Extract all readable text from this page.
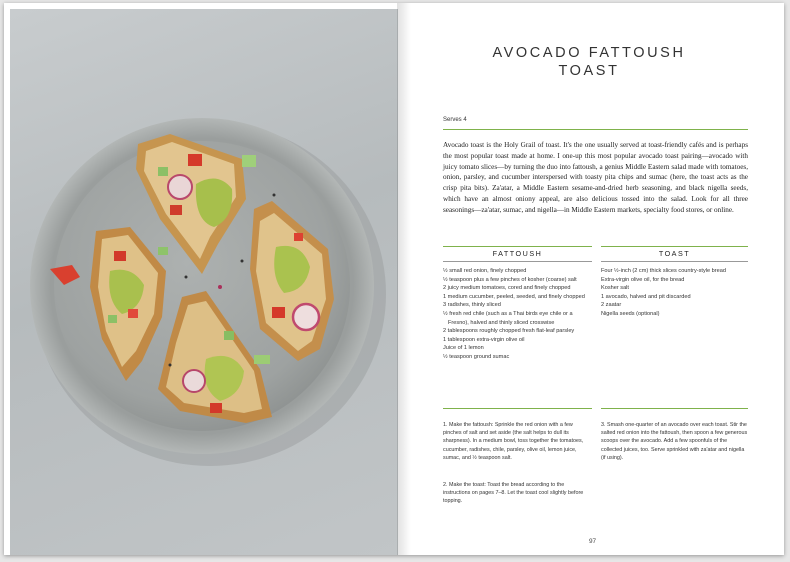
AVOCADO FATTOUSH
TOAST
Serves 4

Avocado toast is the Holy Grail of toast. It's the one usually served at toast-friendly cafés and is perhaps the most popular toast made at home. I one-up this most popular avocado toast pairing—avocado with juicy tomato slices—by turning the duo into fattoush, a genius Middle Eastern salad made with tomatoes, onion, parsley, and cucumber interspersed with toasty pita chips and sumac (here, the toast acts as the crisp pita bits). Za'atar, a Middle Eastern sesame-and-dried herb seasoning, and black nigella seeds, which have an almost oniony appeal, are also delicious tossed into the salad. Look for all three seasonings—za'atar, sumac, and nigella—in Middle Eastern markets, specialty food stores, or online.

FATTOUSH	TOAST
½ small red onion, finely chopped
½ teaspoon plus a few pinches of kosher (coarse) salt
2 juicy medium tomatoes, cored and finely chopped
1 medium cucumber, peeled, seeded, and finely chopped
3 radishes, thinly sliced
½ fresh red chile (such as a Thai birds eye chile or a Fresno), halved and thinly sliced crosswise
2 tablespoons roughly chopped fresh flat-leaf parsley
1 tablespoon extra-virgin olive oil
Juice of 1 lemon
½ teaspoon ground sumac
Four ½-inch (2 cm) thick slices country-style bread
Extra-virgin olive oil, for the bread
Kosher salt
1 avocado, halved and pit discarded
2 zaatar
Nigella seeds (optional)

1. Make the fattoush: Sprinkle the red onion with a few pinches of salt and set aside (the salt helps to dull its sharpness). In a medium bowl, toss together the tomatoes, cucumber, radishes, chile, parsley, olive oil, lemon juice, sumac, and ½ teaspoon salt.

2. Make the toast: Toast the bread according to the instructions on pages 7–8. Let the toast cool slightly before topping.

3. Smash one-quarter of an avocado over each toast. Stir the salted red onion into the fattoush, then spoon a few generous scoops over the avocado. Add a few spoonfuls of the collected juices, too. Serve sprinkled with za'atar and nigella (if using).

97
